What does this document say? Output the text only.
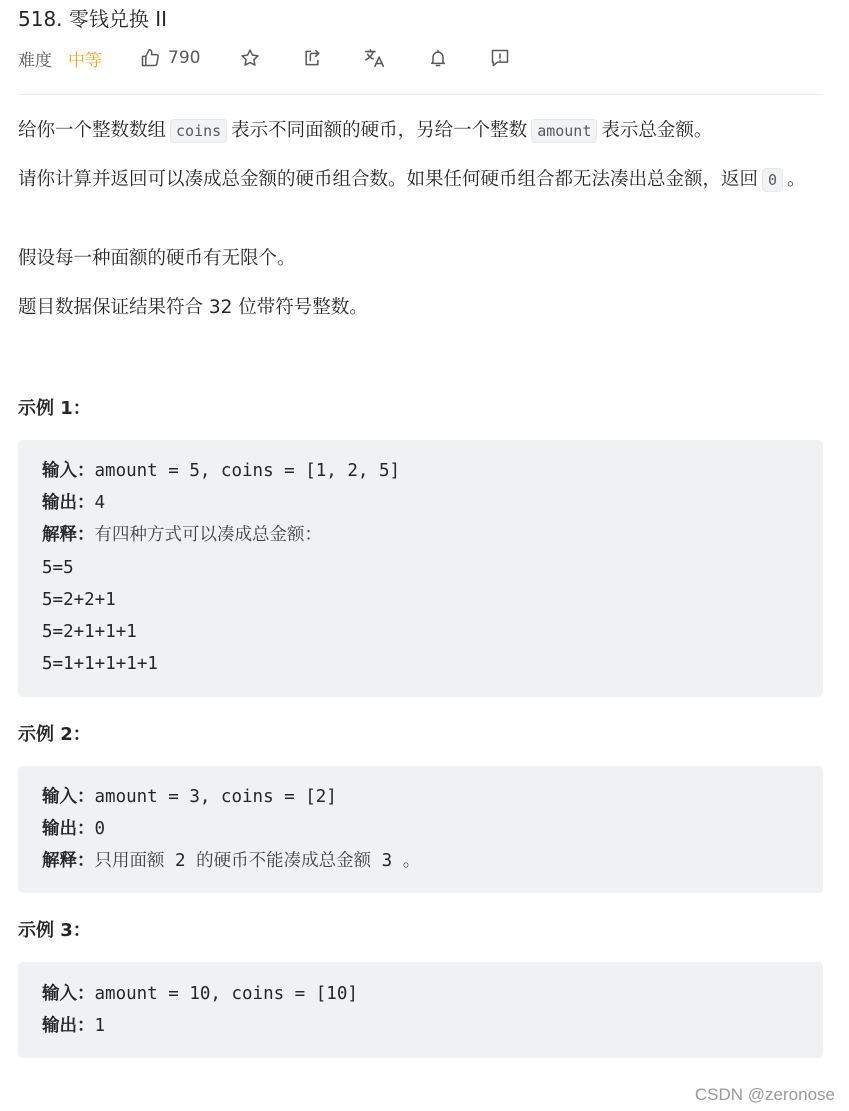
518. 零钱兑换 II
难度 中等	790

给你一个整数数组 coins 表示不同面额的硬币，另给一个整数 amount 表示总金额。

请你计算并返回可以凑成总金额的硬币组合数。如果任何硬币组合都无法凑出总金额，返回 0 。

假设每一种面额的硬币有无限个。

题目数据保证结果符合 32 位带符号整数。

示例 1：
输入：amount = 5, coins = [1, 2, 5]
输出：4
解释：有四种方式可以凑成总金额：
5=5
5=2+2+1
5=2+1+1+1
5=1+1+1+1+1
示例 2：
输入：amount = 3, coins = [2]
输出：0
解释：只用面额 2 的硬币不能凑成总金额 3 。
示例 3：
输入：amount = 10, coins = [10]
输出：1
CSDN @zeronose
